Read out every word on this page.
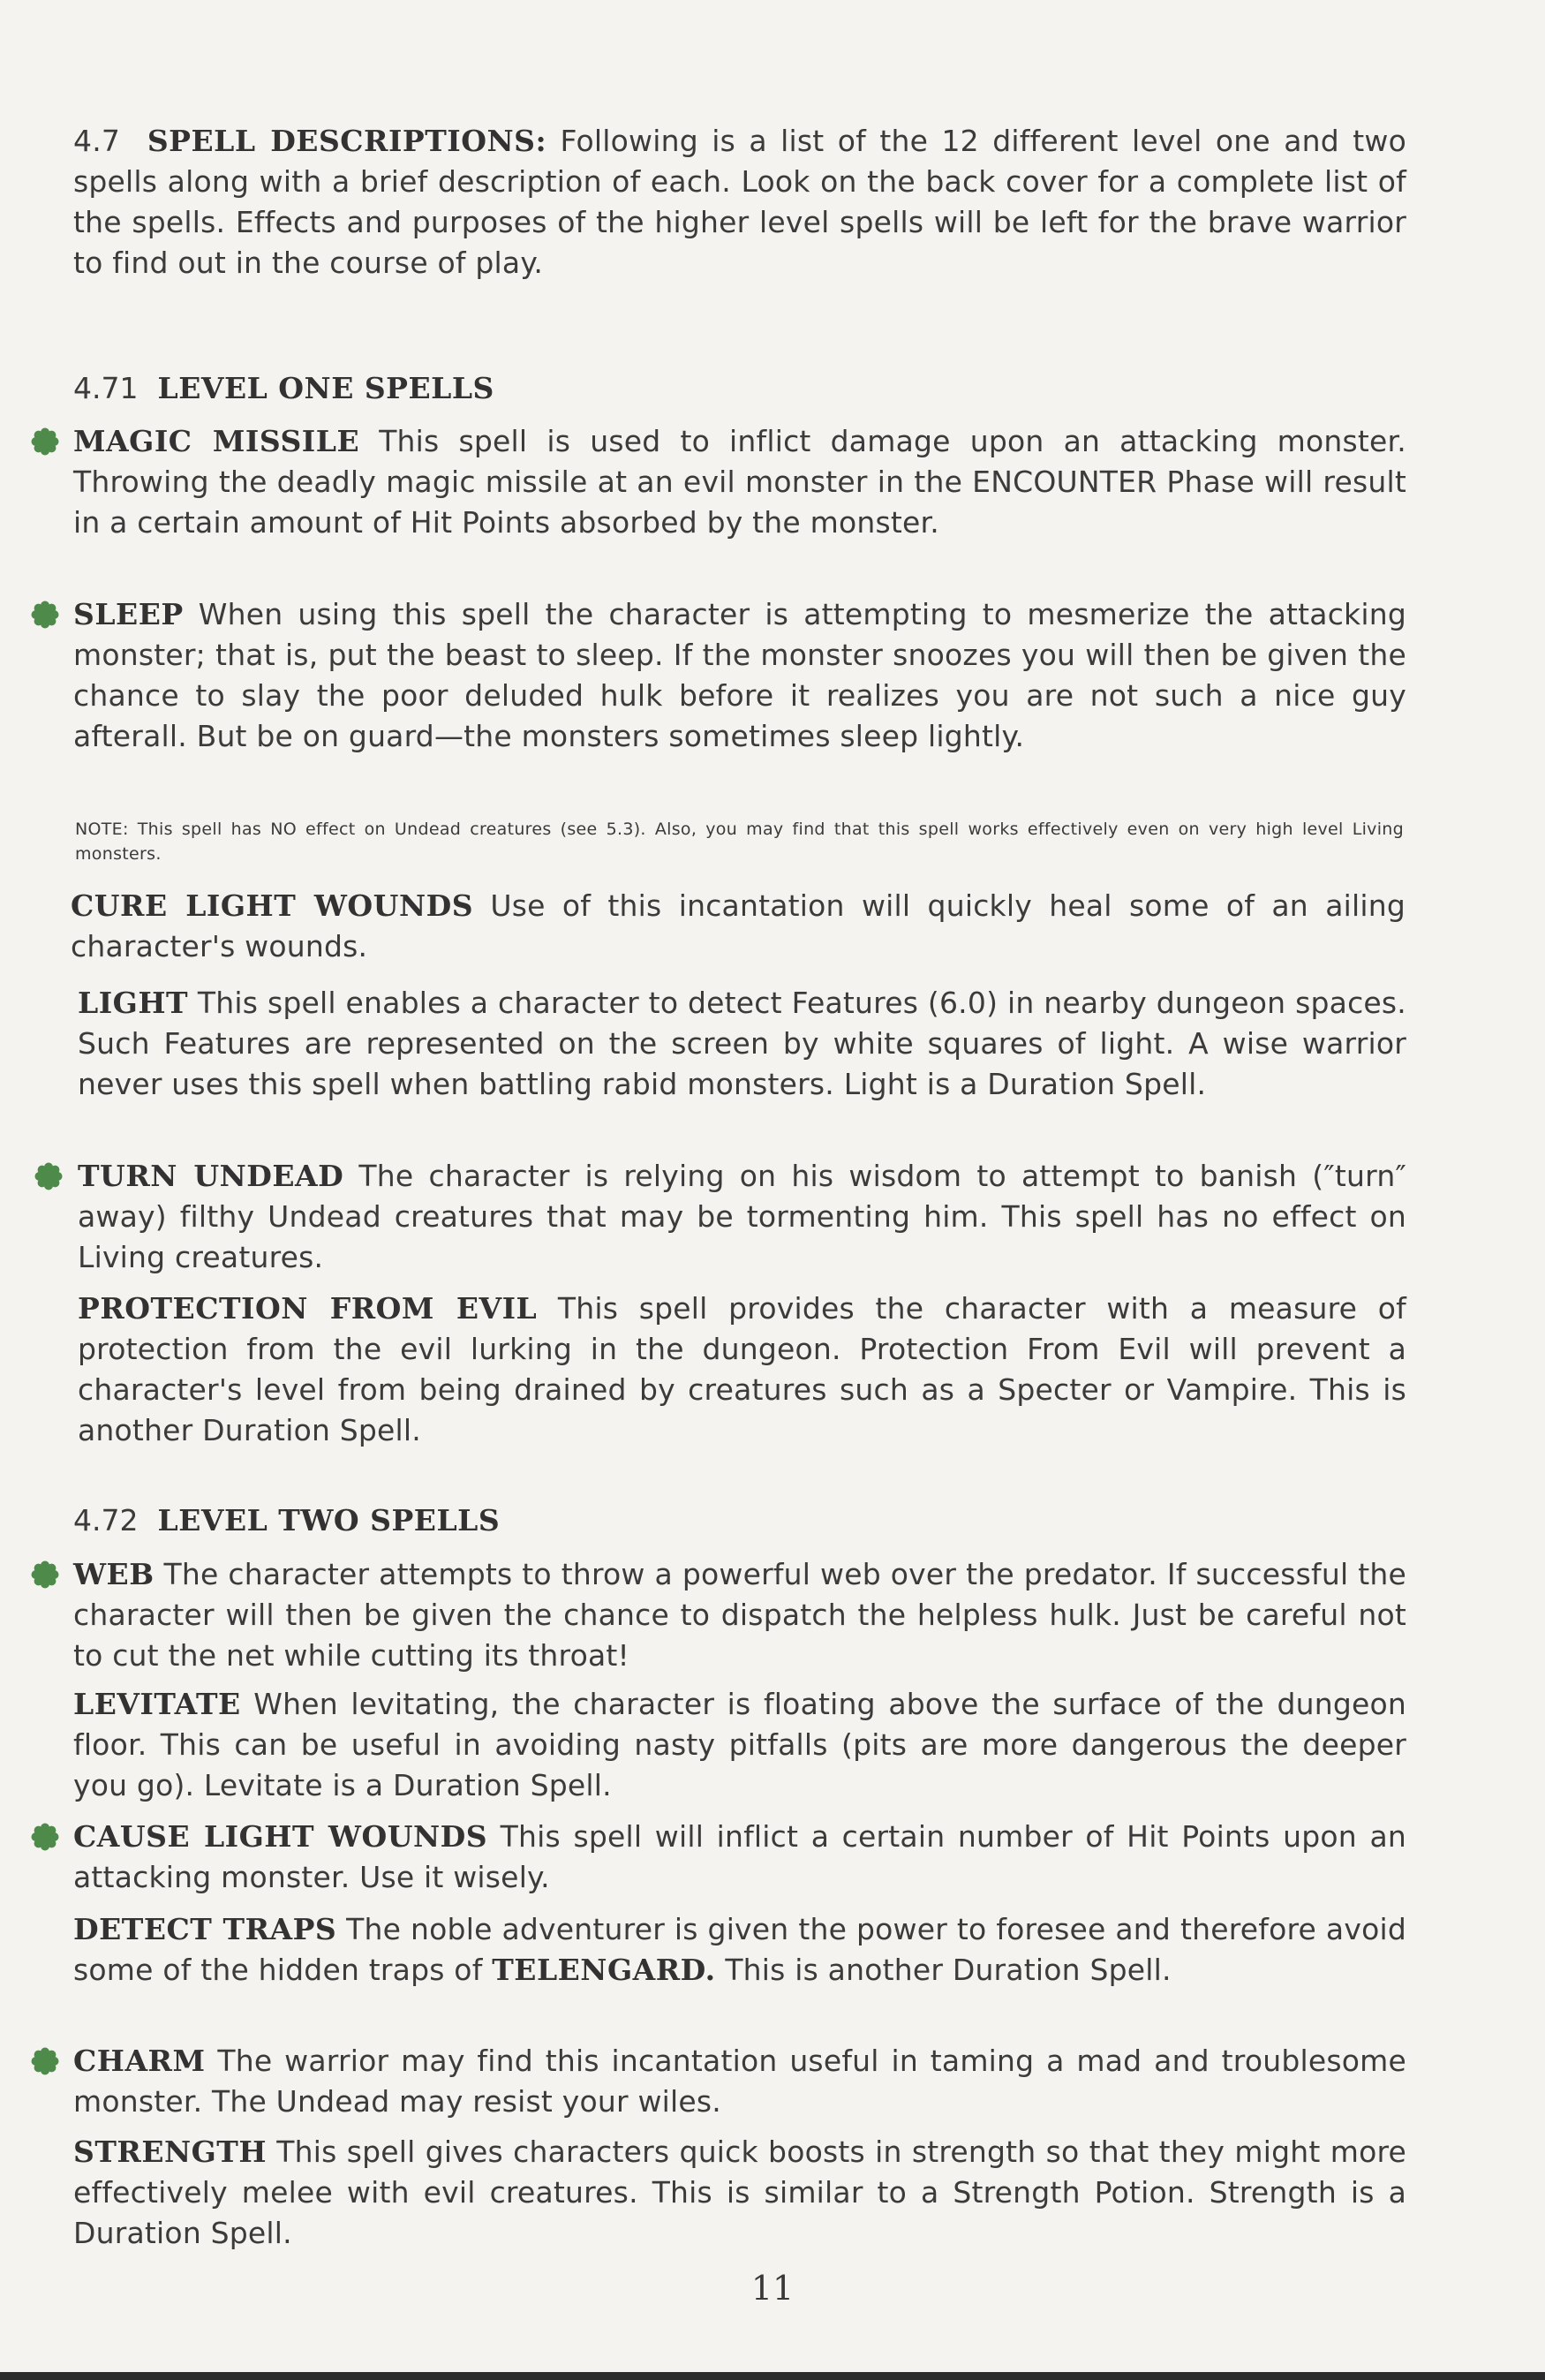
4.7 SPELL DESCRIPTIONS: Following is a list of the 12 different level one and two spells along with a brief description of each. Look on the back cover for a complete list of the spells. Effects and purposes of the higher level spells will be left for the brave warrior to find out in the course of play.
4.71 LEVEL ONE SPELLS
MAGIC MISSILE This spell is used to inflict damage upon an attacking monster. Throwing the deadly magic missile at an evil monster in the ENCOUNTER Phase will result in a certain amount of Hit Points absorbed by the monster.
SLEEP When using this spell the character is attempting to mesmerize the attacking monster; that is, put the beast to sleep. If the monster snoozes you will then be given the chance to slay the poor deluded hulk before it realizes you are not such a nice guy afterall. But be on guard—the monsters sometimes sleep lightly.
NOTE: This spell has NO effect on Undead creatures (see 5.3). Also, you may find that this spell works effectively even on very high level Living monsters.
CURE LIGHT WOUNDS Use of this incantation will quickly heal some of an ailing character's wounds.
LIGHT This spell enables a character to detect Features (6.0) in nearby dungeon spaces. Such Features are represented on the screen by white squares of light. A wise warrior never uses this spell when battling rabid monsters. Light is a Duration Spell.
TURN UNDEAD The character is relying on his wisdom to attempt to banish (″turn″ away) filthy Undead creatures that may be tormenting him. This spell has no effect on Living creatures.
PROTECTION FROM EVIL This spell provides the character with a measure of protection from the evil lurking in the dungeon. Protection From Evil will prevent a character's level from being drained by creatures such as a Specter or Vampire. This is another Duration Spell.
4.72 LEVEL TWO SPELLS
WEB The character attempts to throw a powerful web over the predator. If successful the character will then be given the chance to dispatch the helpless hulk. Just be careful not to cut the net while cutting its throat!
LEVITATE When levitating, the character is floating above the surface of the dungeon floor. This can be useful in avoiding nasty pitfalls (pits are more dangerous the deeper you go). Levitate is a Duration Spell.
CAUSE LIGHT WOUNDS This spell will inflict a certain number of Hit Points upon an attacking monster. Use it wisely.
DETECT TRAPS The noble adventurer is given the power to foresee and therefore avoid some of the hidden traps of TELENGARD. This is another Duration Spell.
CHARM The warrior may find this incantation useful in taming a mad and troublesome monster. The Undead may resist your wiles.
STRENGTH This spell gives characters quick boosts in strength so that they might more effectively melee with evil creatures. This is similar to a Strength Potion. Strength is a Duration Spell.
11
